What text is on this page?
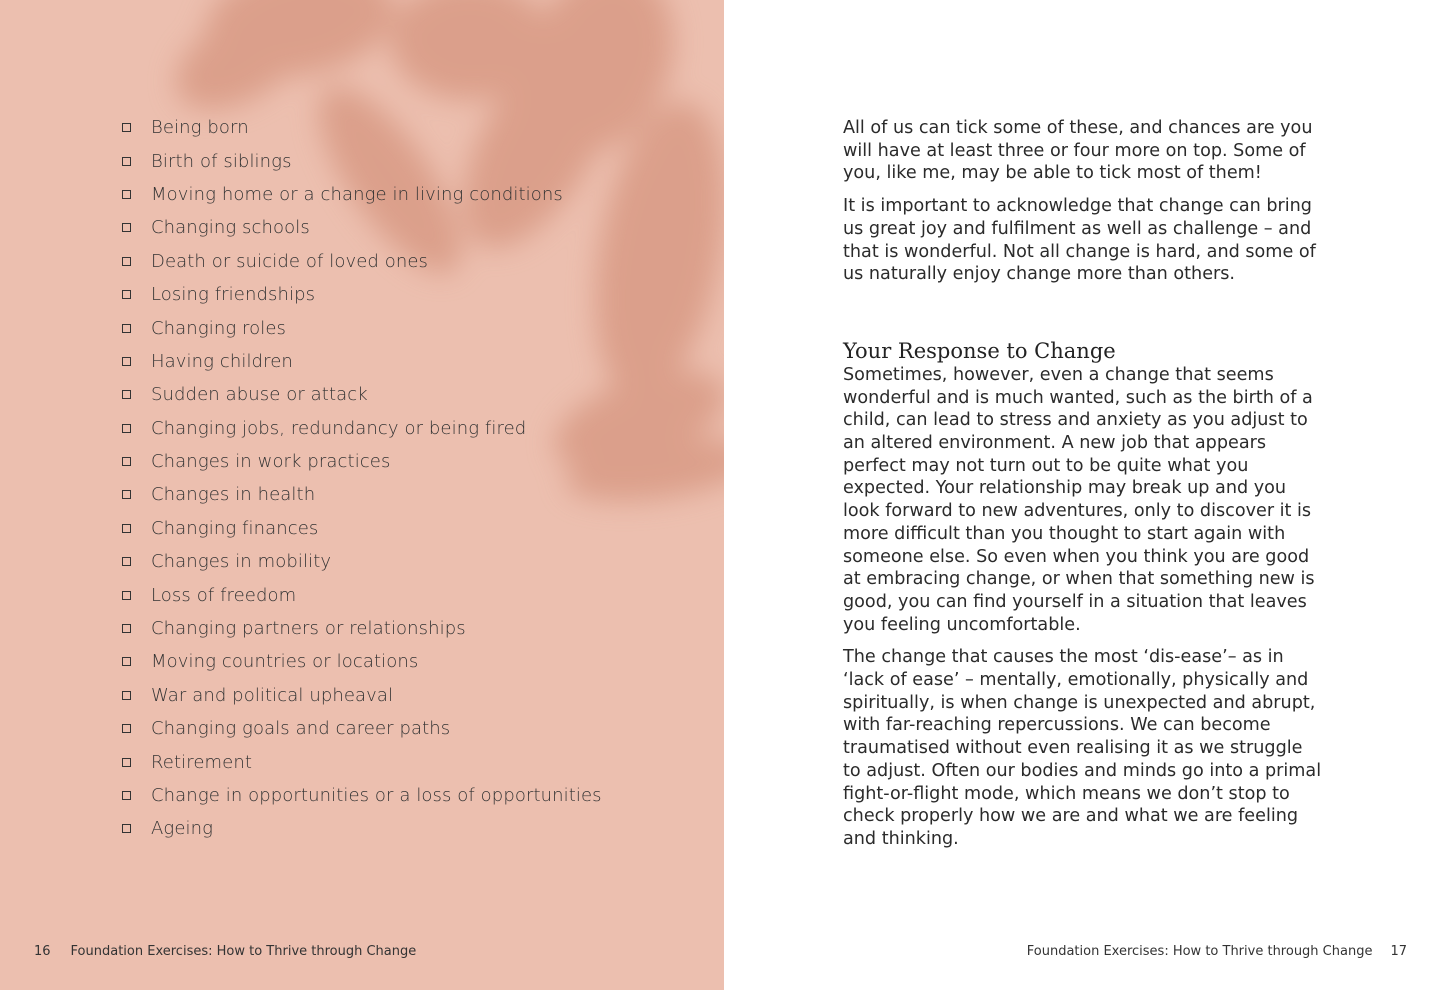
Being born
Birth of siblings
Moving home or a change in living conditions
Changing schools
Death or suicide of loved ones
Losing friendships
Changing roles
Having children
Sudden abuse or attack
Changing jobs, redundancy or being fired
Changes in work practices
Changes in health
Changing finances
Changes in mobility
Loss of freedom
Changing partners or relationships
Moving countries or locations
War and political upheaval
Changing goals and career paths
Retirement
Change in opportunities or a loss of opportunities
Ageing
16 Foundation Exercises: How to Thrive through Change

All of us can tick some of these, and chances are you will have at least three or four more on top. Some of you, like me, may be able to tick most of them!

It is important to acknowledge that change can bring us great joy and fulfilment as well as challenge – and that is wonderful. Not all change is hard, and some of us naturally enjoy change more than others.

Your Response to Change

Sometimes, however, even a change that seems wonderful and is much wanted, such as the birth of a child, can lead to stress and anxiety as you adjust to an altered environment. A new job that appears perfect may not turn out to be quite what you expected. Your relationship may break up and you look forward to new adventures, only to discover it is more difficult than you thought to start again with someone else. So even when you think you are good at embracing change, or when that something new is good, you can find yourself in a situation that leaves you feeling uncomfortable.

The change that causes the most ‘dis-ease’– as in ‘lack of ease’ – mentally, emotionally, physically and spiritually, is when change is unexpected and abrupt, with far-reaching repercussions. We can become traumatised without even realising it as we struggle to adjust. Often our bodies and minds go into a primal fight-or-flight mode, which means we don’t stop to check properly how we are and what we are feeling and thinking.

Foundation Exercises: How to Thrive through Change 17
